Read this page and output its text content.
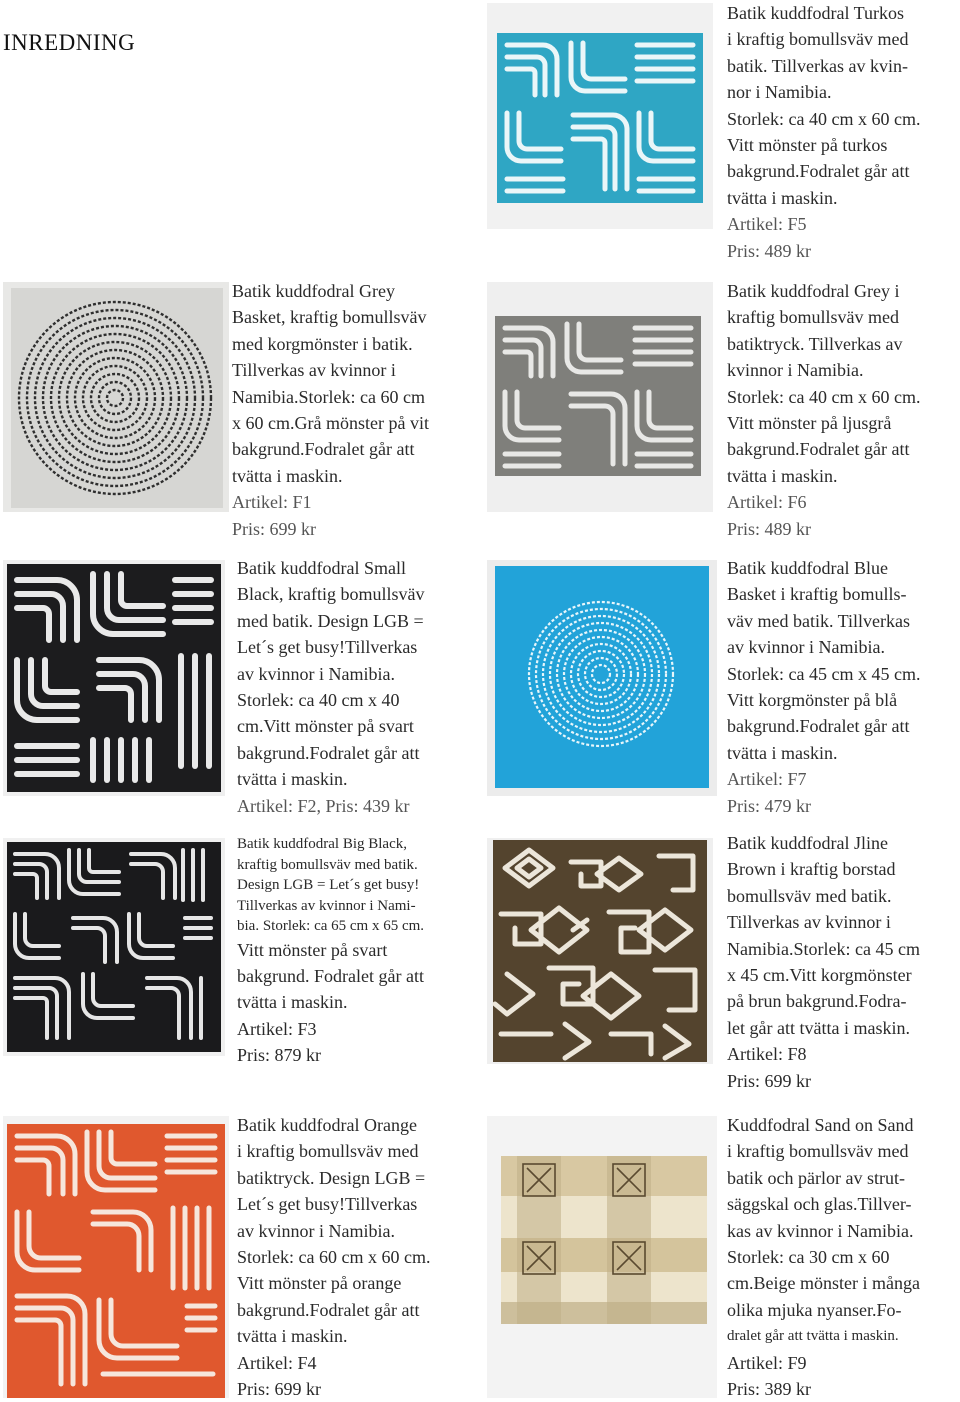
INREDNING
Batik kuddfodral Grey
Basket, kraftig bomullsväv
med korgmönster i batik.
Tillverkas av kvinnor i
Namibia.Storlek: ca 60 cm
x 60 cm.Grå mönster på vit
bakgrund.Fodralet går att
tvätta i maskin.
Artikel: F1
Pris: 699 kr
Batik kuddfodral Small
Black, kraftig bomullsväv
med batik. Design LGB =
Let´s get busy!Tillverkas
av kvinnor i Namibia.
Storlek: ca 40 cm x 40
cm.Vitt mönster på svart
bakgrund.Fodralet går att
tvätta i maskin.
Artikel: F2, Pris: 439 kr
Batik kuddfodral Big Black,
kraftig bomullsväv med batik.
Design LGB = Let´s get busy!
Tillverkas av kvinnor i Nami-
bia. Storlek: ca 65 cm x 65 cm.
Vitt mönster på svart
bakgrund. Fodralet går att
tvätta i maskin.
Artikel: F3
Pris: 879 kr
Batik kuddfodral Orange
i kraftig bomullsväv med
batiktryck. Design LGB =
Let´s get busy!Tillverkas
av kvinnor i Namibia.
Storlek: ca 60 cm x 60 cm.
Vitt mönster på orange
bakgrund.Fodralet går att
tvätta i maskin.
Artikel: F4
Pris: 699 kr
Batik kuddfodral Turkos
i kraftig bomullsväv med
batik. Tillverkas av kvin-
nor i Namibia.
Storlek: ca 40 cm x 60 cm.
Vitt mönster på turkos
bakgrund.Fodralet går att
tvätta i maskin.
Artikel: F5
Pris: 489 kr
Batik kuddfodral Grey i
kraftig bomullsväv med
batiktryck. Tillverkas av
kvinnor i Namibia.
Storlek: ca 40 cm x 60 cm.
Vitt mönster på ljusgrå
bakgrund.Fodralet går att
tvätta i maskin.
Artikel: F6
Pris: 489 kr
Batik kuddfodral Blue
Basket i kraftig bomulls-
väv med batik. Tillverkas
av kvinnor i Namibia.
Storlek: ca 45 cm x 45 cm.
Vitt korgmönster på blå
bakgrund.Fodralet går att
tvätta i maskin.
Artikel: F7
Pris: 479 kr
Batik kuddfodral Jline
Brown i kraftig borstad
bomullsväv med batik.
Tillverkas av kvinnor i
Namibia.Storlek: ca 45 cm
x 45 cm.Vitt korgmönster
på brun bakgrund.Fodra-
let går att tvätta i maskin.
Artikel: F8
Pris: 699 kr
Kuddfodral Sand on Sand
i kraftig bomullsväv med
batik och pärlor av strut-
säggskal och glas.Tillver-
kas av kvinnor i Namibia.
Storlek: ca 30 cm x 60
cm.Beige mönster i många
olika mjuka nyanser.Fo-
dralet går att tvätta i maskin.
Artikel: F9
Pris: 389 kr
